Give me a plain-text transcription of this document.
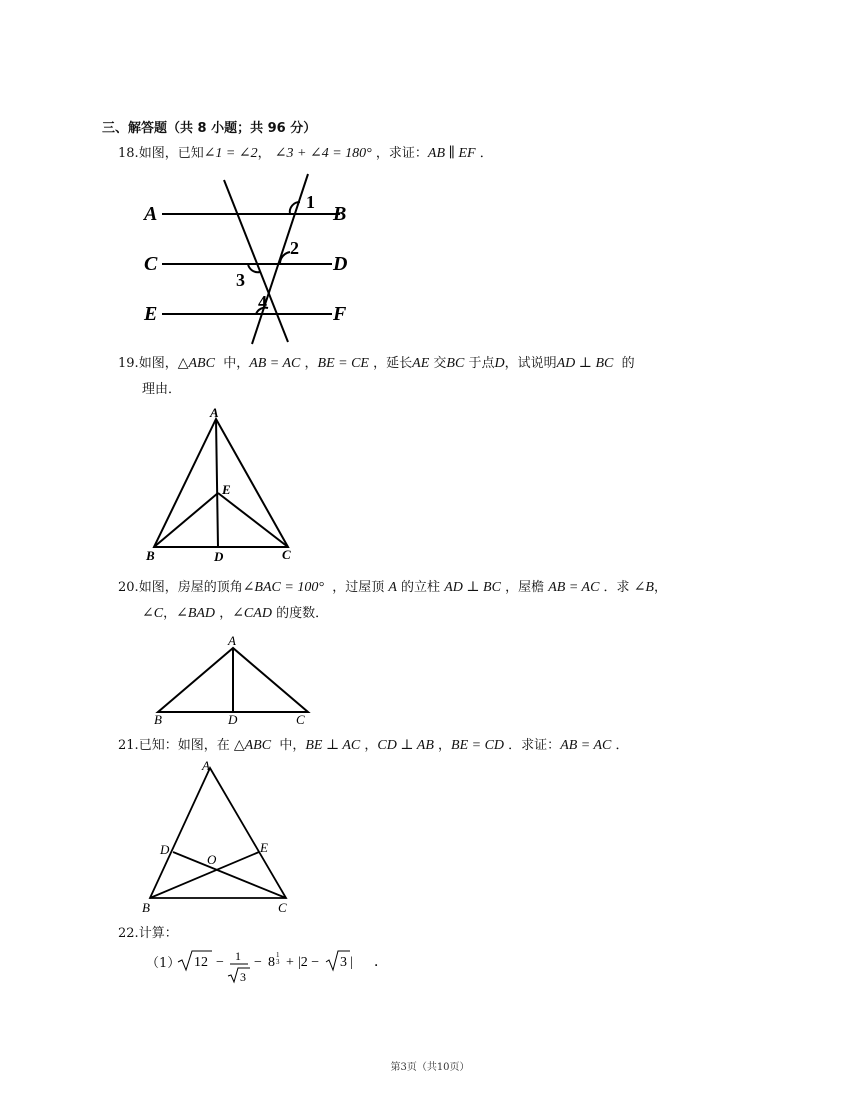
三、解答题（共 8 小题；共 96 分）
18.如图，已知∠1 = ∠2， ∠3 + ∠4 = 180° ，求证：AB ∥ EF ．
A	B
C	D
E	F
1
2
3
4
19.如图，△ABC 中，AB = AC ，BE = CE ，延长AE 交BC 于点D，试说明AD ⊥ BC 的
理由．
A
E
B	D	C
20.如图，房屋的顶角∠BAC = 100° ，过屋顶 A 的立柱 AD ⊥ BC ，屋檐 AB = AC ．求 ∠B，
∠C，∠BAD ，∠CAD 的度数．
A
B	D	C
21.已知：如图，在 △ABC 中，BE ⊥ AC ，CD ⊥ AB ，BE = CD ．求证：AB = AC ．
A
D
O
E
B	C
22.计算：
（1） 12 − 1
3
− 8 1
3 + |2 − 3 | ．
第3页（共10页）
